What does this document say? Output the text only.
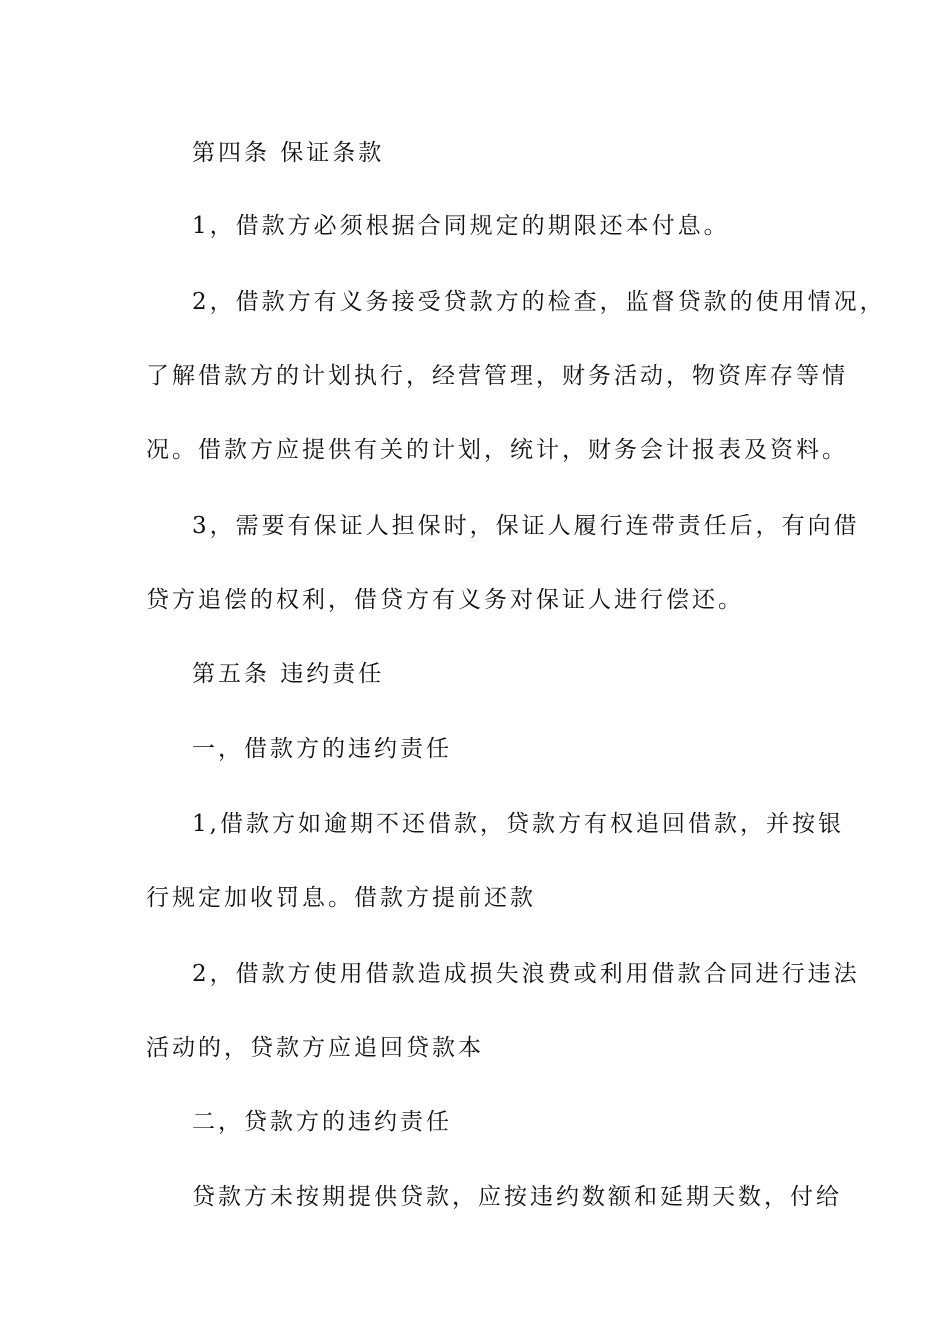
第四条 保证条款
1，借款方必须根据合同规定的期限还本付息。
2，借款方有义务接受贷款方的检查，监督贷款的使用情况，
了解借款方的计划执行，经营管理，财务活动，物资库存等情
况。借款方应提供有关的计划，统计，财务会计报表及资料。
3，需要有保证人担保时，保证人履行连带责任后，有向借
贷方追偿的权利，借贷方有义务对保证人进行偿还。
第五条 违约责任
一，借款方的违约责任
1,借款方如逾期不还借款，贷款方有权追回借款，并按银
行规定加收罚息。借款方提前还款
2，借款方使用借款造成损失浪费或利用借款合同进行违法
活动的，贷款方应追回贷款本
二，贷款方的违约责任
贷款方未按期提供贷款，应按违约数额和延期天数，付给
